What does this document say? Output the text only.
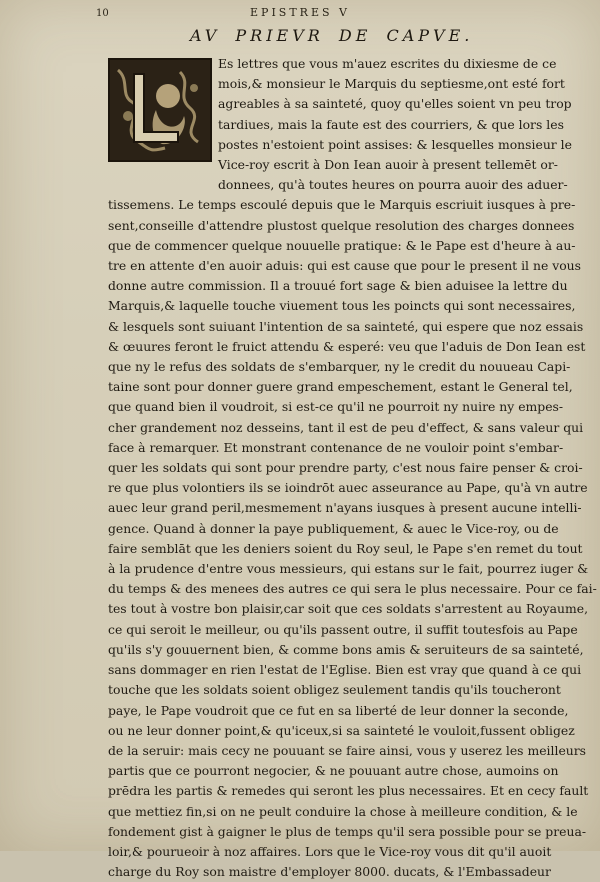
10	EPISTRES V
AV PRIEVR DE CAPVE.
Es lettres que vous m'auez escrites du dixiesme de ce
mois,& monsieur le Marquis du septiesme,ont esté fort
agreables à sa sainteté, quoy qu'elles soient vn peu trop
tardiues, mais la faute est des courriers, & que lors les
postes n'estoient point assises: & lesquelles monsieur le
Vice-roy escrit à Don Iean auoir à present tellemēt or-
donnees, qu'à toutes heures on pourra auoir des aduer-
tissemens. Le temps escoulé depuis que le Marquis escriuit iusques à pre-
sent,conseille d'attendre plustost quelque resolution des charges donnees
que de commencer quelque nouuelle pratique: & le Pape est d'heure à au-
tre en attente d'en auoir aduis: qui est cause que pour le present il ne vous
donne autre commission. Il a trouué fort sage & bien aduisee la lettre du
Marquis,& laquelle touche viuement tous les poincts qui sont necessaires,
& lesquels sont suiuant l'intention de sa sainteté, qui espere que noz essais
& œuures feront le fruict attendu & esperé: veu que l'aduis de Don Iean est
que ny le refus des soldats de s'embarquer, ny le credit du nouueau Capi-
taine sont pour donner guere grand empeschement, estant le General tel,
que quand bien il voudroit, si est-ce qu'il ne pourroit ny nuire ny empes-
cher grandement noz desseins, tant il est de peu d'effect, & sans valeur qui
face à remarquer. Et monstrant contenance de ne vouloir point s'embar-
quer les soldats qui sont pour prendre party, c'est nous faire penser & croi-
re que plus volontiers ils se ioindrōt auec asseurance au Pape, qu'à vn autre
auec leur grand peril,mesmement n'ayans iusques à present aucune intelli-
gence. Quand à donner la paye publiquement, & auec le Vice-roy, ou de
faire semblāt que les deniers soient du Roy seul, le Pape s'en remet du tout
à la prudence d'entre vous messieurs, qui estans sur le fait, pourrez iuger &
du temps & des menees des autres ce qui sera le plus necessaire. Pour ce fai-
tes tout à vostre bon plaisir,car soit que ces soldats s'arrestent au Royaume,
ce qui seroit le meilleur, ou qu'ils passent outre, il suffit toutesfois au Pape
qu'ils s'y gouuernent bien, & comme bons amis & seruiteurs de sa sainteté,
sans dommager en rien l'estat de l'Eglise. Bien est vray que quand à ce qui
touche que les soldats soient obligez seulement tandis qu'ils toucheront
paye, le Pape voudroit que ce fut en sa liberté de leur donner la seconde,
ou ne leur donner point,& qu'iceux,si sa sainteté le vouloit,fussent obligez
de la seruir: mais cecy ne pouuant se faire ainsi, vous y userez les meilleurs
partis que ce pourront negocier, & ne pouuant autre chose, aumoins on
prēdra les partis & remedes qui seront les plus necessaires. Et en cecy fault
que mettiez fin,si on ne peult conduire la chose à meilleure condition, & le
fondement gist à gaigner le plus de temps qu'il sera possible pour se preua-
loir,& pourueoir à noz affaires. Lors que le Vice-roy vous dit qu'il auoit
charge du Roy son maistre d'employer 8000. ducats, & l'Embassadeur
